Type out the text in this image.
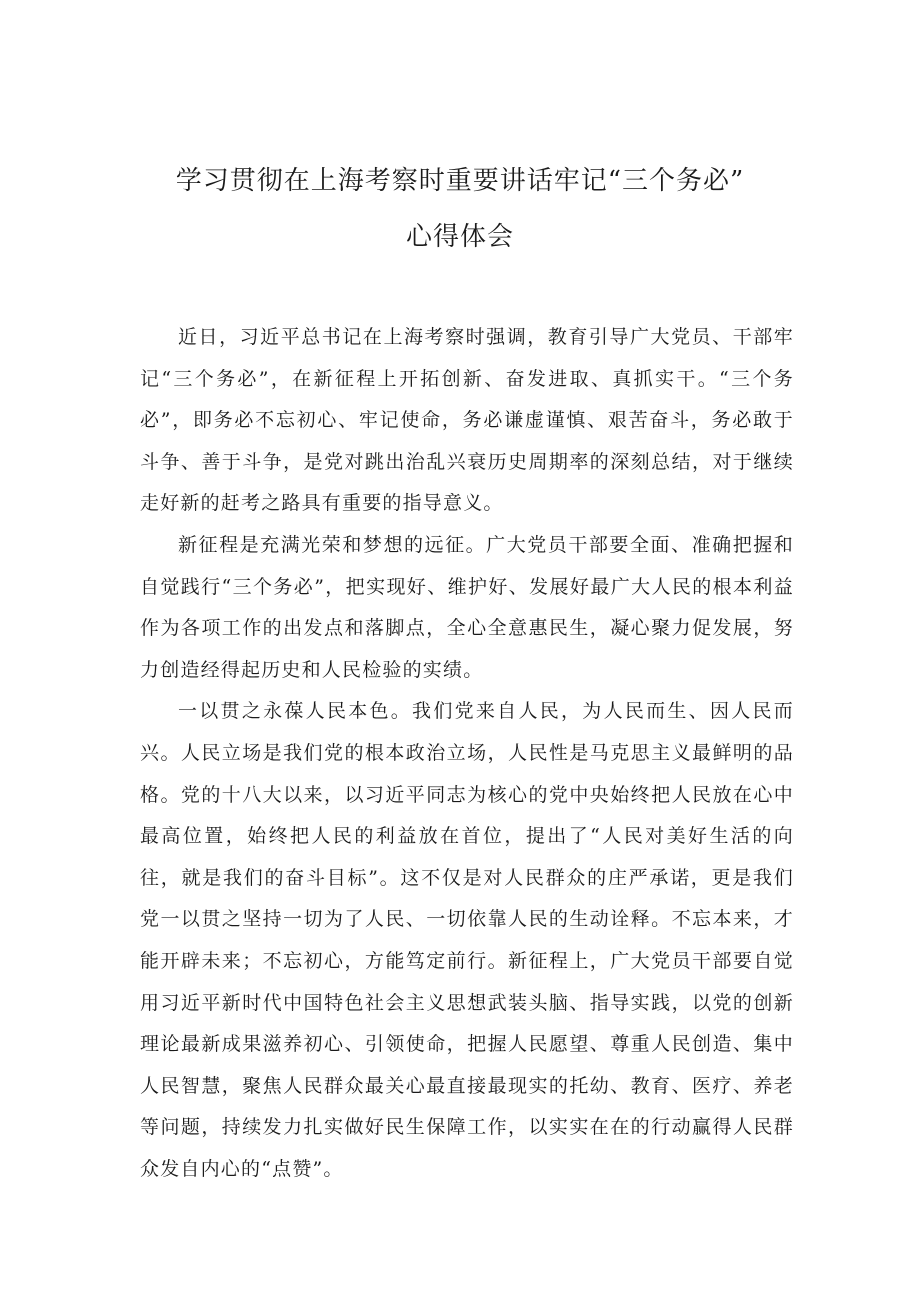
学习贯彻在上海考察时重要讲话牢记“三个务必”
心得体会

近日，习近平总书记在上海考察时强调，教育引导广大党员、干部牢记“三个务必”，在新征程上开拓创新、奋发进取、真抓实干。“三个务必”，即务必不忘初心、牢记使命，务必谦虚谨慎、艰苦奋斗，务必敢于斗争、善于斗争，是党对跳出治乱兴衰历史周期率的深刻总结，对于继续走好新的赶考之路具有重要的指导意义。

新征程是充满光荣和梦想的远征。广大党员干部要全面、准确把握和自觉践行“三个务必”，把实现好、维护好、发展好最广大人民的根本利益作为各项工作的出发点和落脚点，全心全意惠民生，凝心聚力促发展，努力创造经得起历史和人民检验的实绩。

一以贯之永葆人民本色。我们党来自人民，为人民而生、因人民而兴。人民立场是我们党的根本政治立场，人民性是马克思主义最鲜明的品格。党的十八大以来，以习近平同志为核心的党中央始终把人民放在心中最高位置，始终把人民的利益放在首位，提出了“人民对美好生活的向往，就是我们的奋斗目标”。这不仅是对人民群众的庄严承诺，更是我们党一以贯之坚持一切为了人民、一切依靠人民的生动诠释。不忘本来，才能开辟未来；不忘初心，方能笃定前行。新征程上，广大党员干部要自觉用习近平新时代中国特色社会主义思想武装头脑、指导实践，以党的创新理论最新成果滋养初心、引领使命，把握人民愿望、尊重人民创造、集中人民智慧，聚焦人民群众最关心最直接最现实的托幼、教育、医疗、养老等问题，持续发力扎实做好民生保障工作，以实实在在的行动赢得人民群众发自内心的“点赞”。
